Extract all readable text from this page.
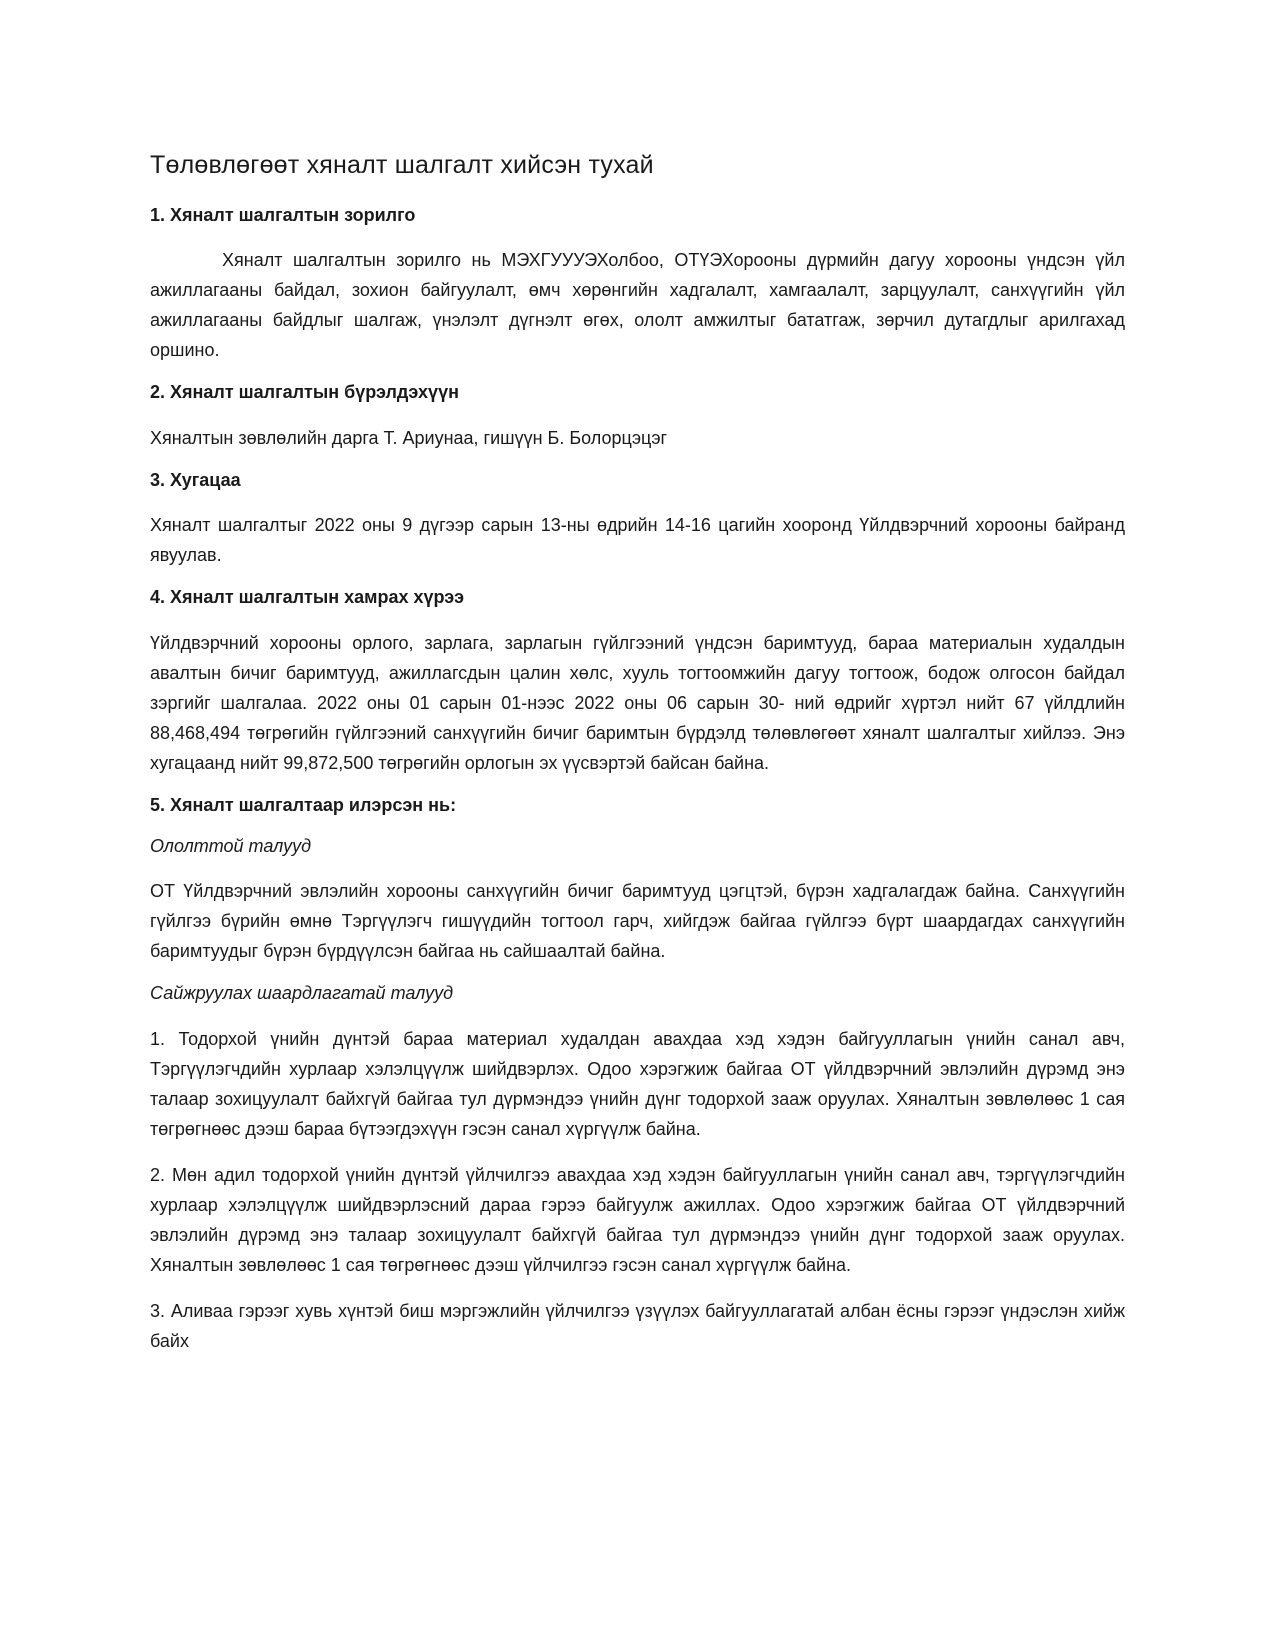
Төлөвлөгөөт хяналт шалгалт хийсэн тухай
1. Хяналт шалгалтын зорилго
Хяналт шалгалтын зорилго нь МЭХГУУУЭХолбоо, ОТҮЭХорооны дүрмийн дагуу хорооны үндсэн үйл ажиллагааны байдал, зохион байгуулалт, өмч хөрөнгийн хадгалалт, хамгаалалт, зарцуулалт, санхүүгийн үйл ажиллагааны байдлыг шалгаж, үнэлэлт дүгнэлт өгөх, ололт амжилтыг бататгаж, зөрчил дутагдлыг арилгахад оршино.
2. Хяналт шалгалтын бүрэлдэхүүн
Хяналтын зөвлөлийн дарга Т. Ариунаа, гишүүн Б. Болорцэцэг
3. Хугацаа
Хяналт шалгалтыг 2022 оны 9 дүгээр сарын 13-ны өдрийн 14-16 цагийн хооронд Үйлдвэрчний хорооны байранд явуулав.
4. Хяналт шалгалтын хамрах хүрээ
Үйлдвэрчний хорооны орлого, зарлага, зарлагын гүйлгээний үндсэн баримтууд, бараа материалын худалдын авалтын бичиг баримтууд, ажиллагсдын цалин хөлс, хууль тогтоомжийн дагуу тогтоож, бодож олгосон байдал зэргийг шалгалаа. 2022 оны 01 сарын 01-нээс 2022 оны 06 сарын 30- ний өдрийг хүртэл нийт 67 үйлдлийн 88,468,494 төгрөгийн гүйлгээний санхүүгийн бичиг баримтын бүрдэлд төлөвлөгөөт хяналт шалгалтыг хийлээ. Энэ хугацаанд нийт 99,872,500 төгрөгийн орлогын эх үүсвэртэй байсан байна.
5. Хяналт шалгалтаар илэрсэн нь:
Ололттой талууд
ОТ Үйлдвэрчний эвлэлийн хорооны санхүүгийн бичиг баримтууд цэгцтэй, бүрэн хадгалагдаж байна. Санхүүгийн гүйлгээ бүрийн өмнө Тэргүүлэгч гишүүдийн тогтоол гарч, хийгдэж байгаа гүйлгээ бүрт шаардагдах санхүүгийн баримтуудыг бүрэн бүрдүүлсэн байгаа нь сайшаалтай байна.
Сайжруулах шаардлагатай талууд
1. Тодорхой үнийн дүнтэй бараа материал худалдан авахдаа хэд хэдэн байгууллагын үнийн санал авч, Тэргүүлэгчдийн хурлаар хэлэлцүүлж шийдвэрлэх. Одоо хэрэгжиж байгаа ОТ үйлдвэрчний эвлэлийн дүрэмд энэ талаар зохицуулалт байхгүй байгаа тул дүрмэндээ үнийн дүнг тодорхой зааж оруулах. Хяналтын зөвлөлөөс 1 сая төгрөгнөөс дээш бараа бүтээгдэхүүн гэсэн санал хүргүүлж байна.
2. Мөн адил тодорхой үнийн дүнтэй үйлчилгээ авахдаа хэд хэдэн байгууллагын үнийн санал авч, тэргүүлэгчдийн хурлаар хэлэлцүүлж шийдвэрлэсний дараа гэрээ байгуулж ажиллах. Одоо хэрэгжиж байгаа ОТ үйлдвэрчний эвлэлийн дүрэмд энэ талаар зохицуулалт байхгүй байгаа тул дүрмэндээ үнийн дүнг тодорхой зааж оруулах. Хяналтын зөвлөлөөс 1 сая төгрөгнөөс дээш үйлчилгээ гэсэн санал хүргүүлж байна.
3. Аливаа гэрээг хувь хүнтэй биш мэргэжлийн үйлчилгээ үзүүлэх байгууллагатай албан ёсны гэрээг үндэслэн хийж байх
